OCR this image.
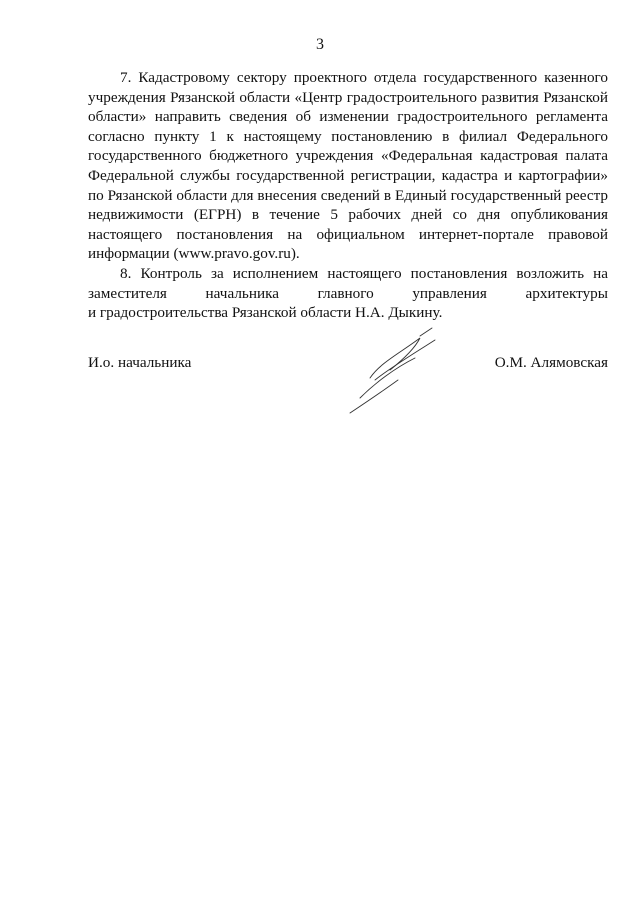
3

7. Кадастровому сектору проектного отдела государственного казенного учреждения Рязанской области «Центр градостроительного развития Рязанской области» направить сведения об изменении градостроительного регламента согласно пункту 1 к настоящему постановлению в филиал Федерального государственного бюджетного учреждения «Федеральная кадастровая палата Федеральной службы государственной регистрации, кадастра и картографии» по Рязанской области для внесения сведений в Единый государственный реестр недвижимости (ЕГРН) в течение 5 рабочих дней со дня опубликования настоящего постановления на официальном интернет-портале правовой информации (www.pravo.gov.ru).

8. Контроль за исполнением настоящего постановления возложить на заместителя начальника главного управления архитектуры

и градостроительства Рязанской области Н.А. Дыкину.

И.о. начальника	О.М. Алямовская
